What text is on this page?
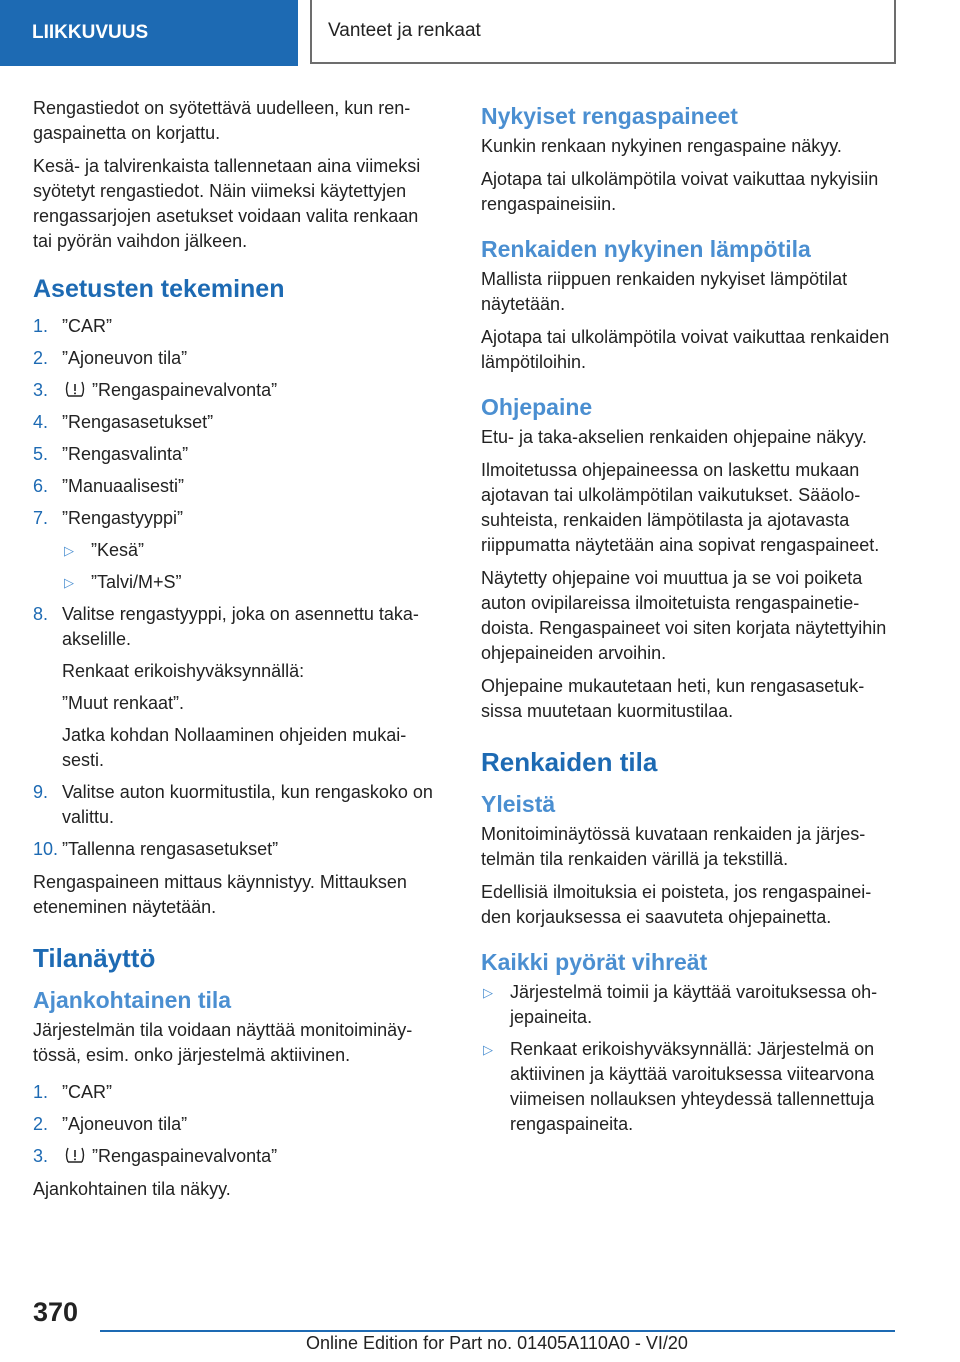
LIIKKUVUUS	Vanteet ja renkaat

Rengastiedot on syötettävä uudelleen, kun rengaspainetta on korjattu.

Kesä- ja talvirenkaista tallennetaan aina viimeksi syötetyt rengastiedot. Näin viimeksi käytettyjen rengassarjojen asetukset voidaan valita renkaan tai pyörän vaihdon jälkeen.

Asetusten tekeminen
1. ”CAR”
2. ”Ajoneuvon tila”
3. ”Rengaspainevalvonta”
4. ”Rengasasetukset”
5. ”Rengasvalinta”
6. ”Manuaalisesti”
7. ”Rengastyyppi”
▷ ”Kesä”
▷ ”Talvi/M+S”
8. Valitse rengastyyppi, joka on asennettu takaakselille.
Renkaat erikoishyväksynnällä:
”Muut renkaat”.
Jatka kohdan Nollaaminen ohjeiden mukaisesti.
9. Valitse auton kuormitustila, kun rengaskoko on valittu.
10. ”Tallenna rengasasetukset”

Rengaspaineen mittaus käynnistyy. Mittauksen eteneminen näytetään.

Tilanäyttö
Ajankohtainen tila

Järjestelmän tila voidaan näyttää monitoiminäytössä, esim. onko järjestelmä aktiivinen.

1. ”CAR”
2. ”Ajoneuvon tila”
3. ”Rengaspainevalvonta”

Ajankohtainen tila näkyy.

Nykyiset rengaspaineet

Kunkin renkaan nykyinen rengaspaine näkyy.

Ajotapa tai ulkolämpötila voivat vaikuttaa nykyisiin rengaspaineisiin.

Renkaiden nykyinen lämpötila

Mallista riippuen renkaiden nykyiset lämpötilat näytetään.

Ajotapa tai ulkolämpötila voivat vaikuttaa renkaiden lämpötiloihin.

Ohjepaine

Etu- ja taka-akselien renkaiden ohjepaine näkyy.

Ilmoitetussa ohjepaineessa on laskettu mukaan ajotavan tai ulkolämpötilan vaikutukset. Sääolosuhteista, renkaiden lämpötilasta ja ajotavasta riippumatta näytetään aina sopivat rengaspaineet.

Näytetty ohjepaine voi muuttua ja se voi poiketa auton ovipilareissa ilmoitetuista rengaspainetiedoista. Rengaspaineet voi siten korjata näytettyihin ohjepaineiden arvoihin.

Ohjepaine mukautetaan heti, kun rengasasetuksissa muutetaan kuormitustilaa.

Renkaiden tila
Yleistä

Monitoiminäytössä kuvataan renkaiden ja järjestelmän tila renkaiden värillä ja tekstillä.

Edellisiä ilmoituksia ei poisteta, jos rengaspaineiden korjauksessa ei saavuteta ohjepainetta.

Kaikki pyörät vihreät
▷ Järjestelmä toimii ja käyttää varoituksessa ohjepaineita.
▷ Renkaat erikoishyväksynnällä: Järjestelmä on aktiivinen ja käyttää varoituksessa viitearvona viimeisen nollauksen yhteydessä tallennettuja rengaspaineita.
370
Online Edition for Part no. 01405A110A0 - VI/20
